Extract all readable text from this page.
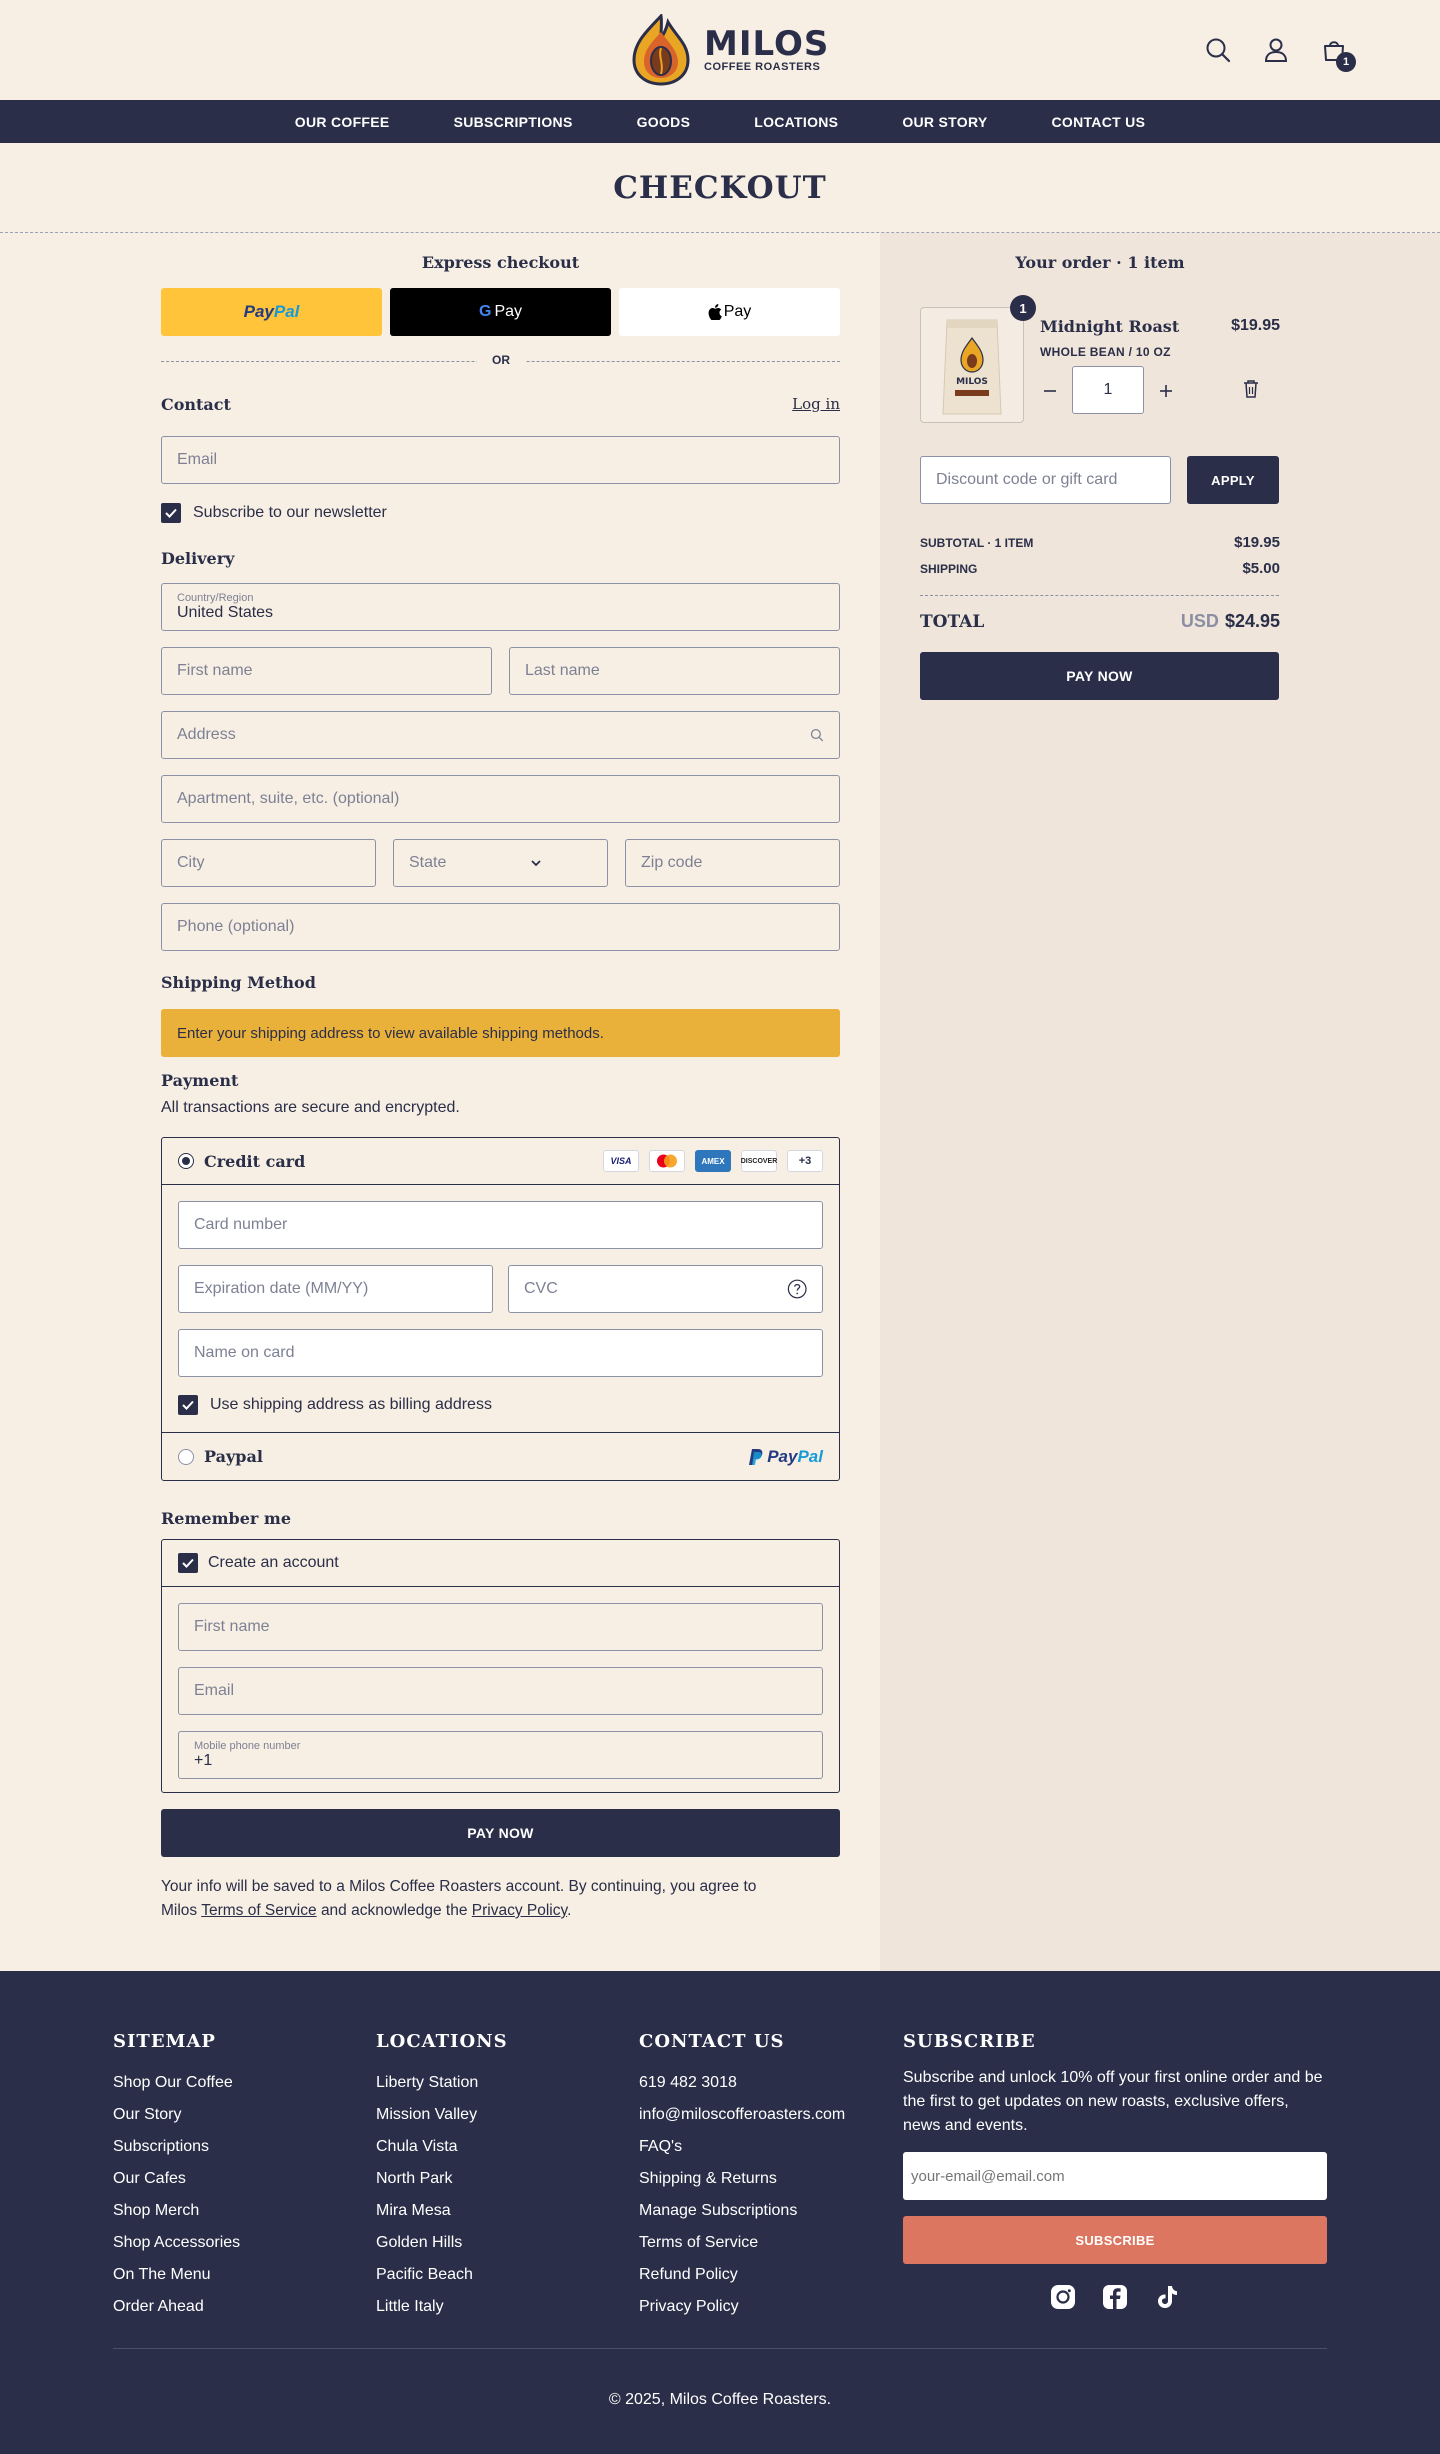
MILOS
COFFEE ROASTERS	1
OUR COFFEE	SUBSCRIPTIONS	GOODS	LOCATIONS	OUR STORY	CONTACT US
CHECKOUT
Express checkout
Pay Pal	G Pay	Pay
OR
Contact	Log in
Email
Subscribe to our newsletter
Delivery
Country/Region
United States
First name
Last name
Address
Apartment, suite, etc. (optional)
City
State
Zip code
Phone (optional)
Shipping Method
Enter your shipping address to view available shipping methods.
Payment
All transactions are secure and encrypted.
Credit card	VISA	AMEX	DISCOVER	+3
Card number
Expiration date (MM/YY)
CVC
Name on card
Use shipping address as billing address
Paypal	Pay Pal
Remember me
Create an account
First name
Email
Mobile phone number
+1
PAY NOW
Your info will be saved to a Milos Coffee Roasters account. By continuing, you agree to
Milos Terms of Service and acknowledge the Privacy Policy.
Your order · 1 item
MILOS
1
Midnight Roast	$19.95
WHOLE BEAN / 10 OZ
1
Discount code or gift card
APPLY
SUBTOTAL · 1 ITEM	$19.95
SHIPPING	$5.00
TOTAL	USD $24.95
PAY NOW
SITEMAP
Shop Our Coffee
Our Story
Subscriptions
Our Cafes
Shop Merch
Shop Accessories
On The Menu
Order Ahead
LOCATIONS
Liberty Station
Mission Valley
Chula Vista
North Park
Mira Mesa
Golden Hills
Pacific Beach
Little Italy
CONTACT US
619 482 3018
info@miloscofferoasters.com
FAQ's
Shipping & Returns
Manage Subscriptions
Terms of Service
Refund Policy
Privacy Policy
SUBSCRIBE

Subscribe and unlock 10% off your first online order and be the first to get updates on new roasts, exclusive offers, news and events.

your-email@email.com
SUBSCRIBE
© 2025, Milos Coffee Roasters.
